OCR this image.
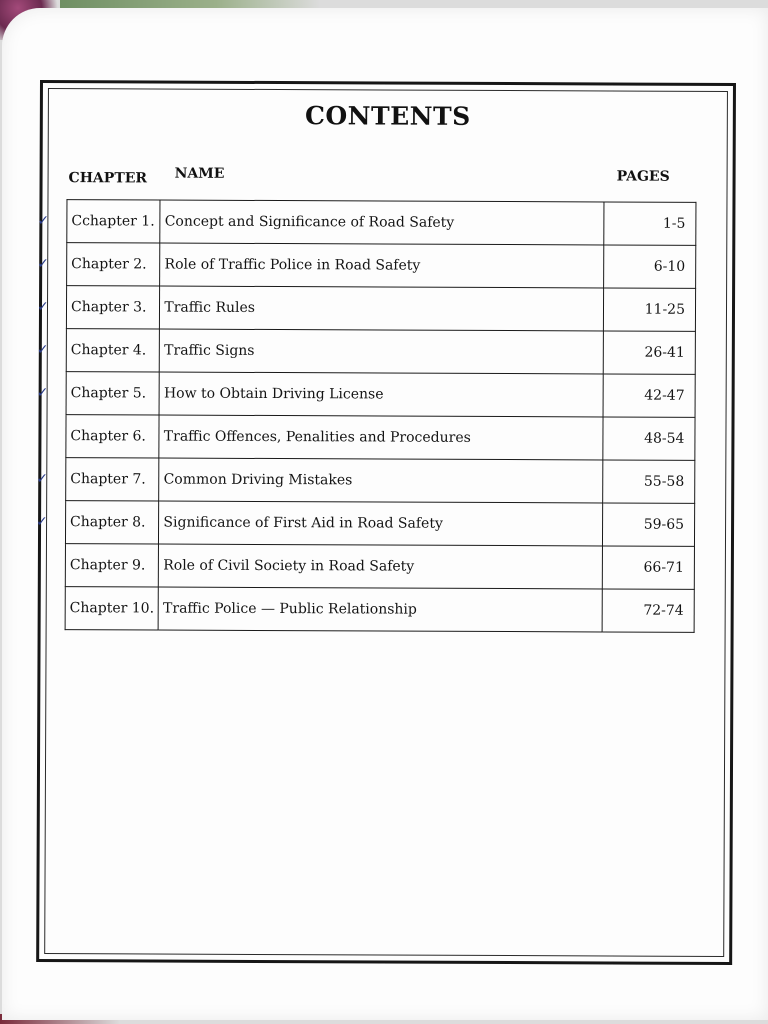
CONTENTS
CHAPTER NAME	PAGES
✓ Cchapter 1.	Concept and Significance of Road Safety	1-5

✓ Chapter 2.	Role of Traffic Police in Road Safety	6-10

✓ Chapter 3.	Traffic Rules	11-25

✓ Chapter 4.	Traffic Signs	26-41

✓ Chapter 5.	How to Obtain Driving License	42-47
Chapter 6.	Traffic Offences, Penalities and Procedures	48-54

✓ Chapter 7.	Common Driving Mistakes	55-58

✓ Chapter 8.	Significance of First Aid in Road Safety	59-65
Chapter 9.	Role of Civil Society in Road Safety	66-71
Chapter 10.	Traffic Police — Public Relationship	72-74
